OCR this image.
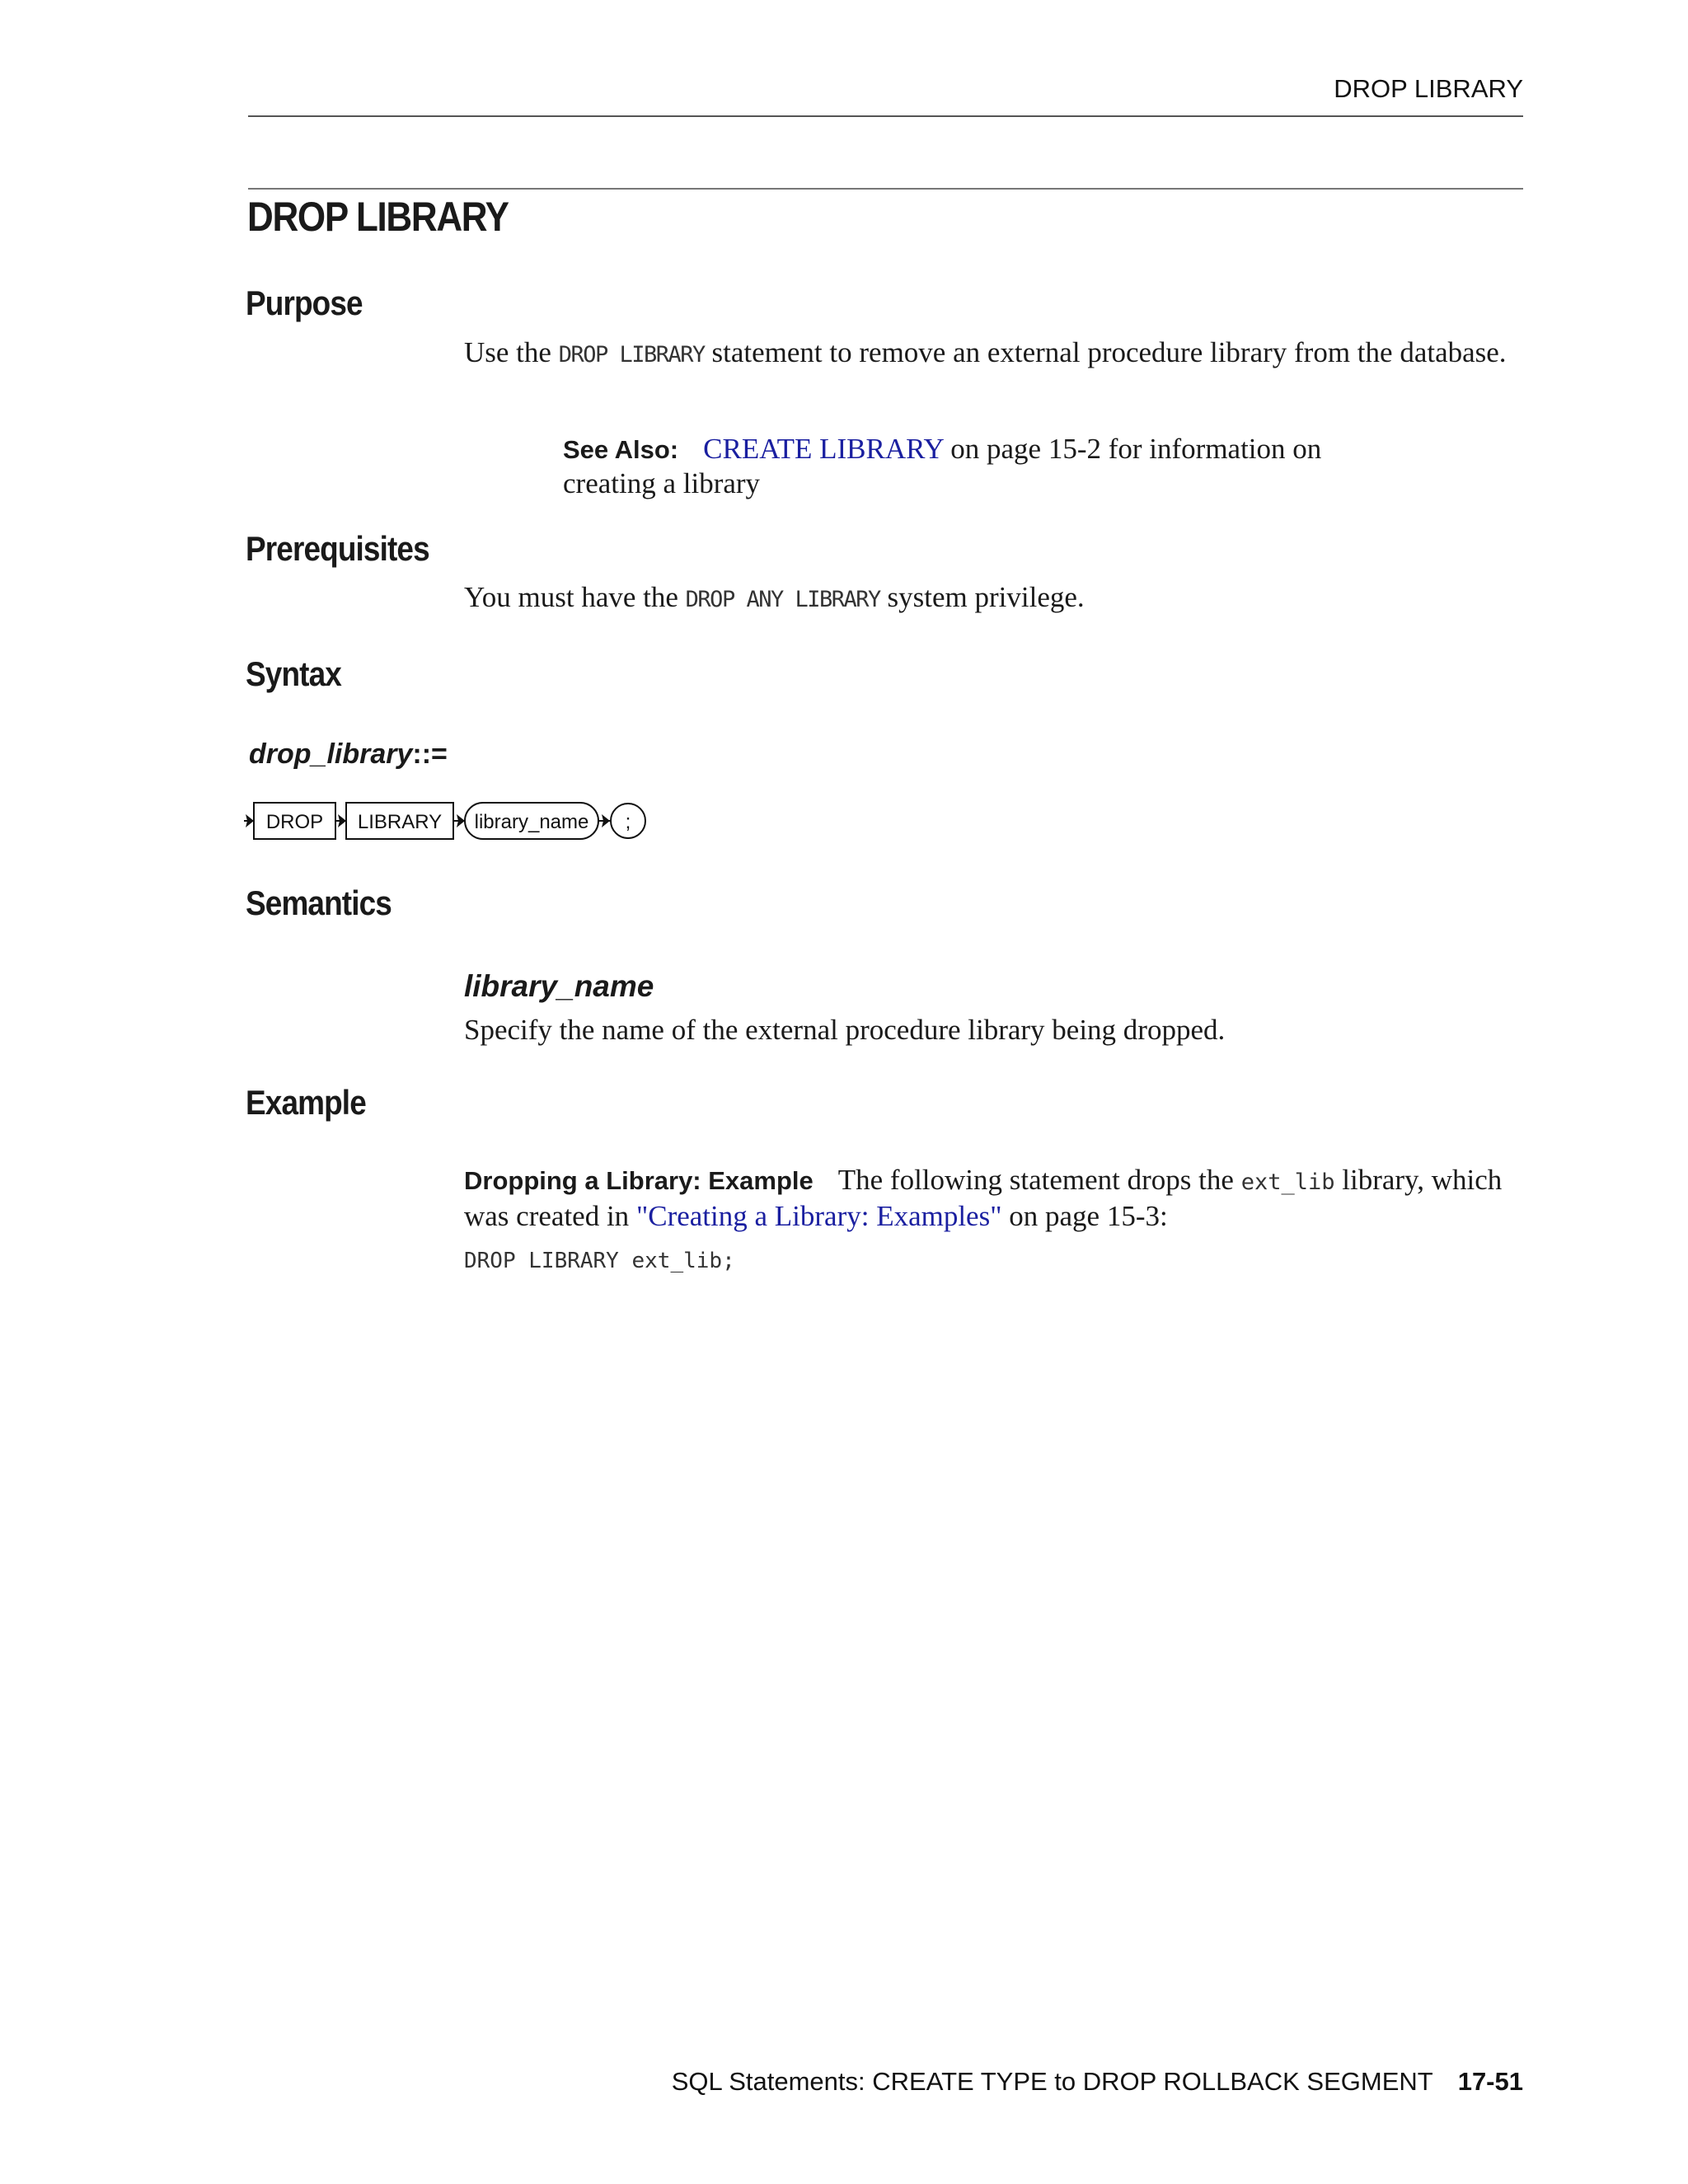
DROP LIBRARY
DROP LIBRARY
Purpose

Use the DROP LIBRARY statement to remove an external procedure library from the database.

See Also: CREATE LIBRARY on page 15-2 for information on creating a library

Prerequisites

You must have the DROP ANY LIBRARY system privilege.

Syntax
drop_library::=
DROP LIBRARY library_name ;
Semantics
library_name

Specify the name of the external procedure library being dropped.

Example

Dropping a Library: Example The following statement drops the ext_lib library, which was created in "Creating a Library: Examples" on page 15-3:

DROP LIBRARY ext_lib;
SQL Statements: CREATE TYPE to DROP ROLLBACK SEGMENT 17-51
